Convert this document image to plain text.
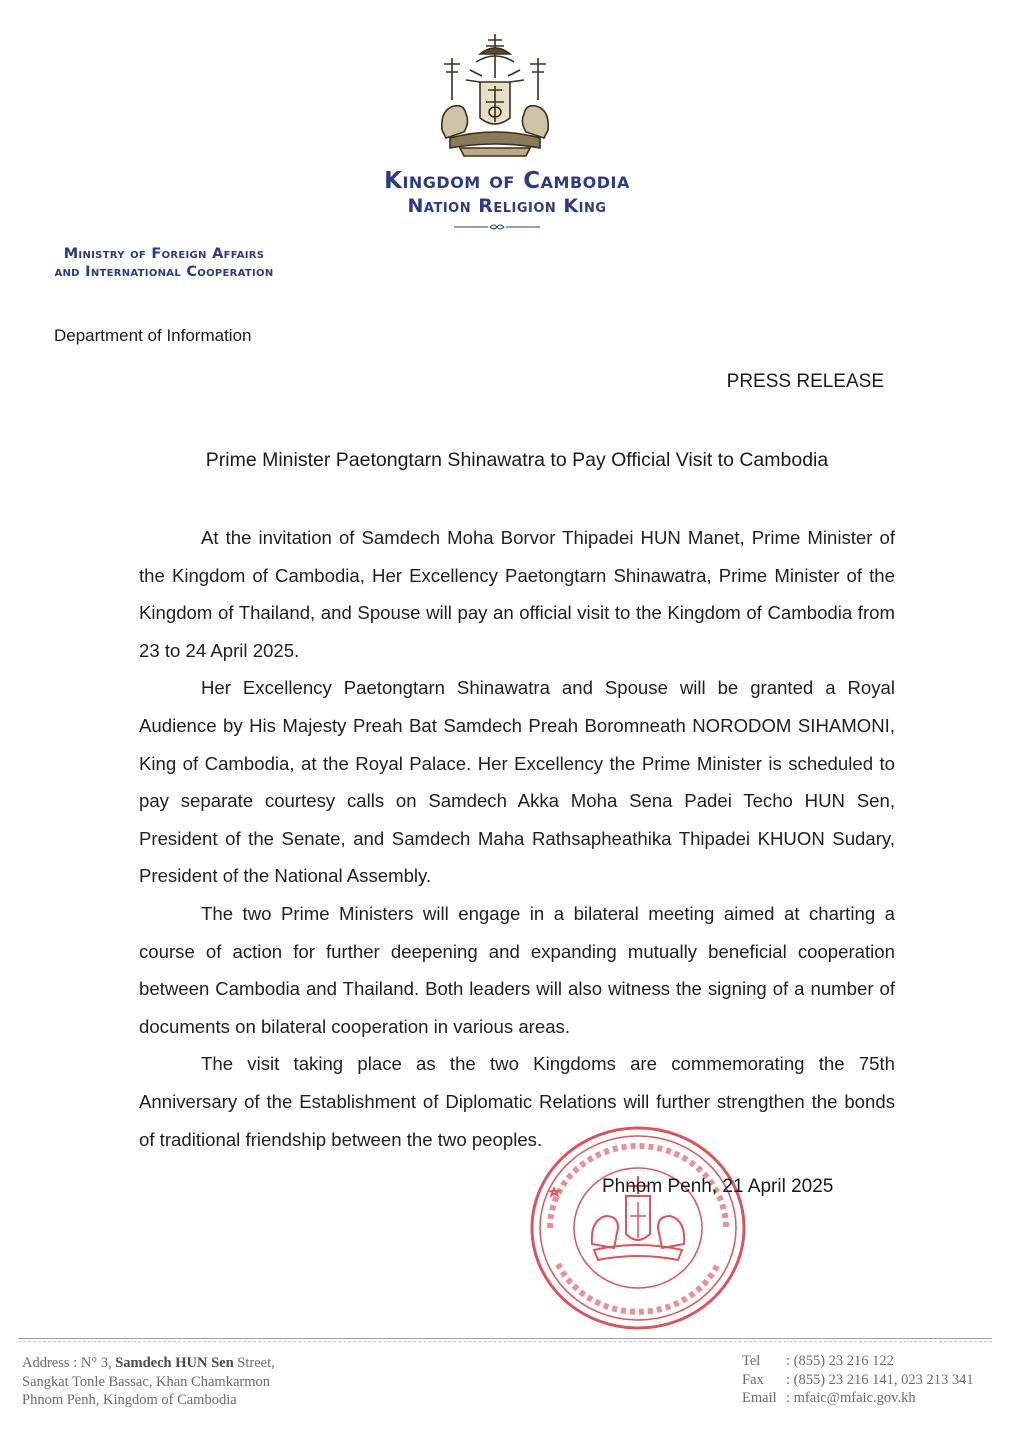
Kingdom of Cambodia
Nation Religion King
Ministry of Foreign Affairs
and International Cooperation
Department of Information
PRESS RELEASE
Prime Minister Paetongtarn Shinawatra to Pay Official Visit to Cambodia

At the invitation of Samdech Moha Borvor Thipadei HUN Manet, Prime Minister of the Kingdom of Cambodia, Her Excellency Paetongtarn Shinawatra, Prime Minister of the Kingdom of Thailand, and Spouse will pay an official visit to the Kingdom of Cambodia from 23 to 24 April 2025.

Her Excellency Paetongtarn Shinawatra and Spouse will be granted a Royal Audience by His Majesty Preah Bat Samdech Preah Boromneath NORODOM SIHAMONI, King of Cambodia, at the Royal Palace. Her Excellency the Prime Minister is scheduled to pay separate courtesy calls on Samdech Akka Moha Sena Padei Techo HUN Sen, President of the Senate, and Samdech Maha Rathsapheathika Thipadei KHUON Sudary, President of the National Assembly.

The two Prime Ministers will engage in a bilateral meeting aimed at charting a course of action for further deepening and expanding mutually beneficial cooperation between Cambodia and Thailand. Both leaders will also witness the signing of a number of documents on bilateral cooperation in various areas.

The visit taking place as the two Kingdoms are commemorating the 75th Anniversary of the Establishment of Diplomatic Relations will further strengthen the bonds of traditional friendship between the two peoples.

Phnom Penh, 21 April 2025
Address : N° 3, Samdech HUN Sen Street,
Sangkat Tonle Bassac, Khan Chamkarmon
Phnom Penh, Kingdom of Cambodia
Tel : (855) 23 216 122
Fax : (855) 23 216 141, 023 213 341
Email : mfaic@mfaic.gov.kh
